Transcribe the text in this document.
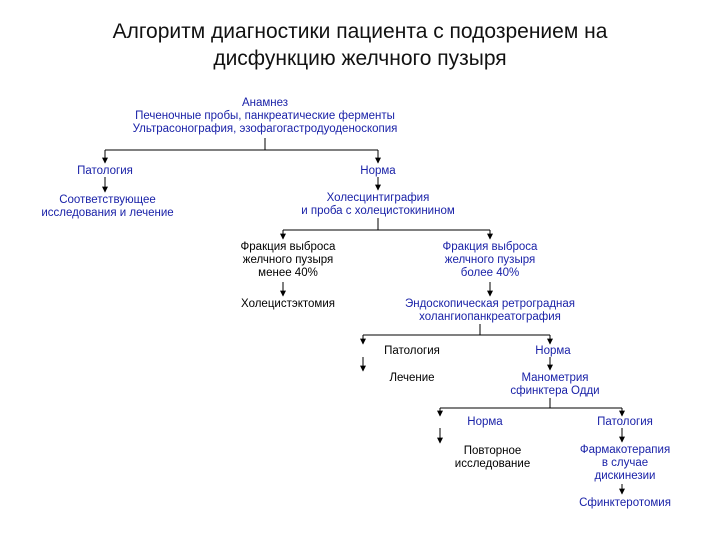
Алгоритм диагностики пациента с подозрением на
дисфункцию желчного пузыря
Анамнез
Печеночные пробы, панкреатические ферменты
Ультрасонография, эзофагогастродуоденоскопия
Патология	Норма
Соответствующее
исследования и лечение
Холесцинтиграфия
и проба с холецистокинином
Фракция выброса
желчного пузыря
менее 40%
Фракция выброса
желчного пузыря
более 40%
Холецистэктомия	Эндоскопическая ретроградная
холангиопанкреатография
Патология	Норма
Лечение	Манометрия
сфинктера Одди
Норма	Патология
Повторное
исследование
Фармакотерапия
в случае
дискинезии
Сфинктеротомия
